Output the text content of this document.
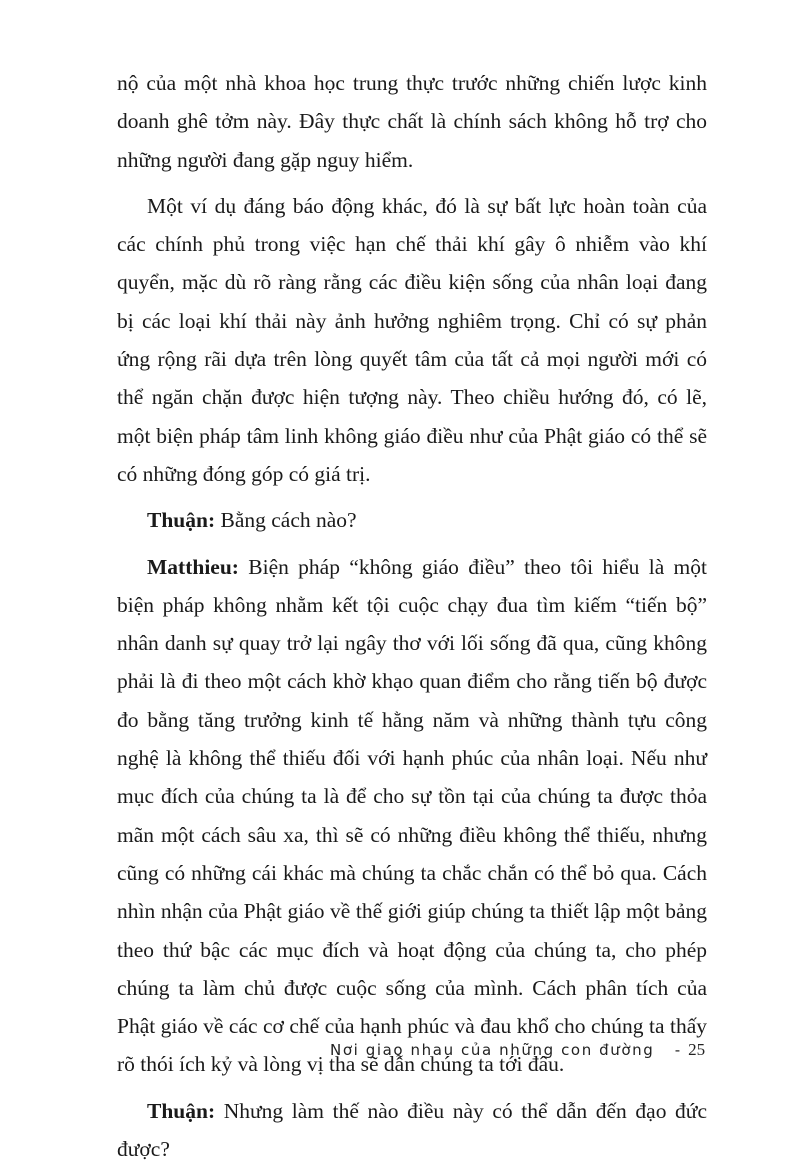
nộ của một nhà khoa học trung thực trước những chiến lược kinh doanh ghê tởm này. Đây thực chất là chính sách không hỗ trợ cho những người đang gặp nguy hiểm.

Một ví dụ đáng báo động khác, đó là sự bất lực hoàn toàn của các chính phủ trong việc hạn chế thải khí gây ô nhiễm vào khí quyển, mặc dù rõ ràng rằng các điều kiện sống của nhân loại đang bị các loại khí thải này ảnh hưởng nghiêm trọng. Chỉ có sự phản ứng rộng rãi dựa trên lòng quyết tâm của tất cả mọi người mới có thể ngăn chặn được hiện tượng này. Theo chiều hướng đó, có lẽ, một biện pháp tâm linh không giáo điều như của Phật giáo có thể sẽ có những đóng góp có giá trị.

Thuận: Bằng cách nào?

Matthieu: Biện pháp “không giáo điều” theo tôi hiểu là một biện pháp không nhằm kết tội cuộc chạy đua tìm kiếm “tiến bộ” nhân danh sự quay trở lại ngây thơ với lối sống đã qua, cũng không phải là đi theo một cách khờ khạo quan điểm cho rằng tiến bộ được đo bằng tăng trưởng kinh tế hằng năm và những thành tựu công nghệ là không thể thiếu đối với hạnh phúc của nhân loại. Nếu như mục đích của chúng ta là để cho sự tồn tại của chúng ta được thỏa mãn một cách sâu xa, thì sẽ có những điều không thể thiếu, nhưng cũng có những cái khác mà chúng ta chắc chắn có thể bỏ qua. Cách nhìn nhận của Phật giáo về thế giới giúp chúng ta thiết lập một bảng theo thứ bậc các mục đích và hoạt động của chúng ta, cho phép chúng ta làm chủ được cuộc sống của mình. Cách phân tích của Phật giáo về các cơ chế của hạnh phúc và đau khổ cho chúng ta thấy rõ thói ích kỷ và lòng vị tha sẽ dẫn chúng ta tới đâu.

Thuận: Nhưng làm thế nào điều này có thể dẫn đến đạo đức được?

Nơi giao nhau của những con đường - 25
